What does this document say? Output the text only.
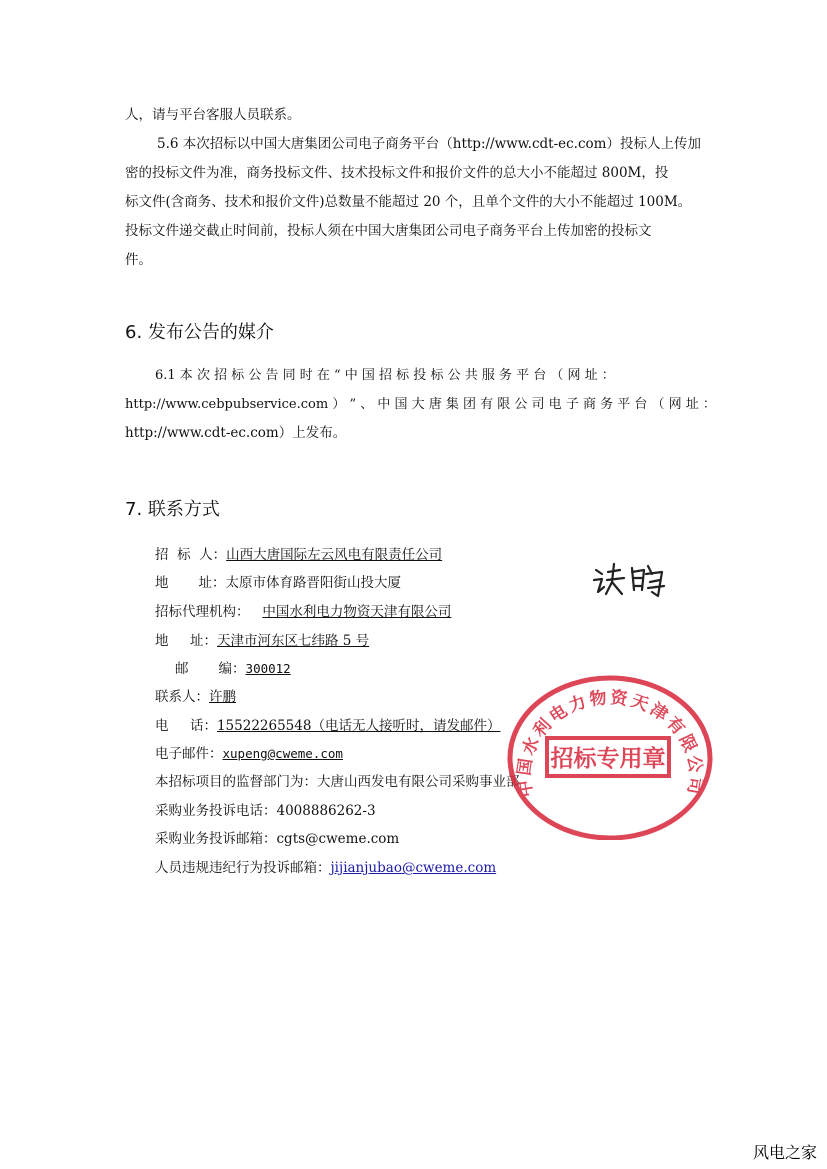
人，请与平台客服人员联系。
5.6 本次招标以中国大唐集团公司电子商务平台（http://www.cdt-ec.com）投标人上传加
密的投标文件为准，商务投标文件、技术投标文件和报价文件的总大小不能超过 800M，投
标文件(含商务、技术和报价文件)总数量不能超过 20 个，且单个文件的大小不能超过 100M。
投标文件递交截止时间前，投标人须在中国大唐集团公司电子商务平台上传加密的投标文
件。
6. 发布公告的媒介
6.1 本 次 招 标 公 告 同 时 在 “ 中 国 招 标 投 标 公 共 服 务 平 台 （ 网 址 ：
http://www.cebpubservice.com ） ” 、 中 国 大 唐 集 团 有 限 公 司 电 子 商 务 平 台 （ 网 址 ：
http://www.cdt-ec.com）上发布。
7. 联系方式
招  标  人：山西大唐国际左云风电有限责任公司
地       址：太原市体育路晋阳街山投大厦
招标代理机构： 中国水利电力物资天津有限公司
地     址：天津市河东区七纬路 5 号
邮       编：300012
联系人：许鹏
电     话：15522265548（电话无人接听时，请发邮件）
电子邮件：xupeng@cweme.com
本招标项目的监督部门为：大唐山西发电有限公司采购事业部
采购业务投诉电话：4008886262-3
采购业务投诉邮箱：cgts@cweme.com
人员违规违纪行为投诉邮箱：jijianjubao@cweme.com
中国水利电力物资天津有限公司
招标专用章
风电之家
